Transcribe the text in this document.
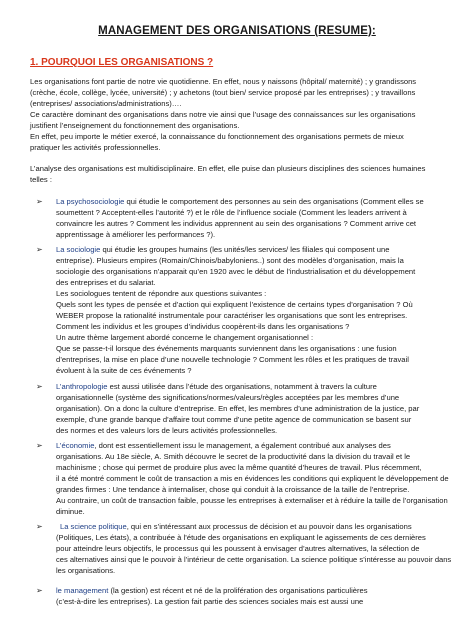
MANAGEMENT DES ORGANISATIONS (RESUME):
1. POURQUOI LES ORGANISATIONS ?
Les organisations font partie de notre vie quotidienne. En effet, nous y naissons (hôpital/ maternité) ; y grandissons
(crèche, école, collège, lycée, université) ; y achetons (tout bien/ service proposé par les entreprises) ; y travaillons
(entreprises/ associations/administrations)….
Ce caractère dominant des organisations dans notre vie ainsi que l’usage des connaissances sur les organisations
justifient l’enseignement du fonctionnement des organisations.
En effet, peu importe le métier exercé, la connaissance du fonctionnement des organisations permets de mieux
pratiquer les activités professionnelles.
L’analyse des organisations est multidisciplinaire. En effet, elle puise dan plusieurs disciplines des sciences humaines
telles :
➢ La psychosociologie qui étudie le comportement des personnes au sein des organisations (Comment elles se
soumettent ? Acceptent-elles l’autorité ?) et le rôle de l’influence sociale (Comment les leaders arrivent à
convaincre les autres ? Comment les individus apprennent au sein des organisations ? Comment arrive cet
apprentissage à améliorer les performances ?).
➢ La sociologie qui étudie les groupes humains (les unités/les services/ les filiales qui composent une
entreprise). Plusieurs empires (Romain/Chinois/babyloniens..) sont des modèles d’organisation, mais la
sociologie des organisations n’apparait qu’en 1920 avec le début de l’industrialisation et du développement
des entreprises et du salariat.
Les sociologues tentent de répondre aux questions suivantes :
Quels sont les types de pensée et d’action qui expliquent l’existence de certains types d’organisation ? Où
WEBER propose la rationalité instrumentale pour caractériser les organisations que sont les entreprises.
Comment les individus et les groupes d’individus coopèrent-ils dans les organisations ?
Un autre thème largement abordé concerne le changement organisationnel :
Que se passe-t-il lorsque des événements marquants surviennent dans les organisations : une fusion
d’entreprises, la mise en place d’une nouvelle technologie ? Comment les rôles et les pratiques de travail
évoluent à la suite de ces événements ?
➢ L’anthropologie est aussi utilisée dans l’étude des organisations, notamment à travers la culture
organisationnelle (système des significations/normes/valeurs/règles acceptées par les membres d’une
organisation). On a donc la culture d’entreprise. En effet, les membres d’une administration de la justice, par
exemple, d’une grande banque d’affaire tout comme d’une petite agence de communication se basent sur
des normes et des valeurs lors de leurs activités professionnelles.
➢ L’économie, dont est essentiellement issu le management, a également contribué aux analyses des
organisations. Au 18e siècle, A. Smith découvre le secret de la productivité dans la division du travail et le
machinisme ; chose qui permet de produire plus avec la même quantité d’heures de travail. Plus récemment,
il a été montré comment le coût de transaction a mis en évidences les conditions qui expliquent le développement de
grandes firmes : Une tendance à internaliser, chose qui conduit à la croissance de la taille de l’entreprise.
Au contraire, un coût de transaction faible, pousse les entreprises à externaliser et à réduire la taille de l’organisation
diminue.
➢ La science politique, qui en s’intéressant aux processus de décision et au pouvoir dans les organisations
(Politiques, Les états), a contribuée à l’étude des organisations en expliquant le agissements de ces dernières
pour atteindre leurs objectifs, le processus qui les poussent à envisager d’autres alternatives, la sélection de
ces alternatives ainsi que le pouvoir à l’intérieur de cette organisation. La science politique s’intéresse au pouvoir dans
les organisations.
➢ le management (la gestion) est récent et né de la prolifération des organisations particulières
(c’est-à-dire les entreprises). La gestion fait partie des sciences sociales mais est aussi une
